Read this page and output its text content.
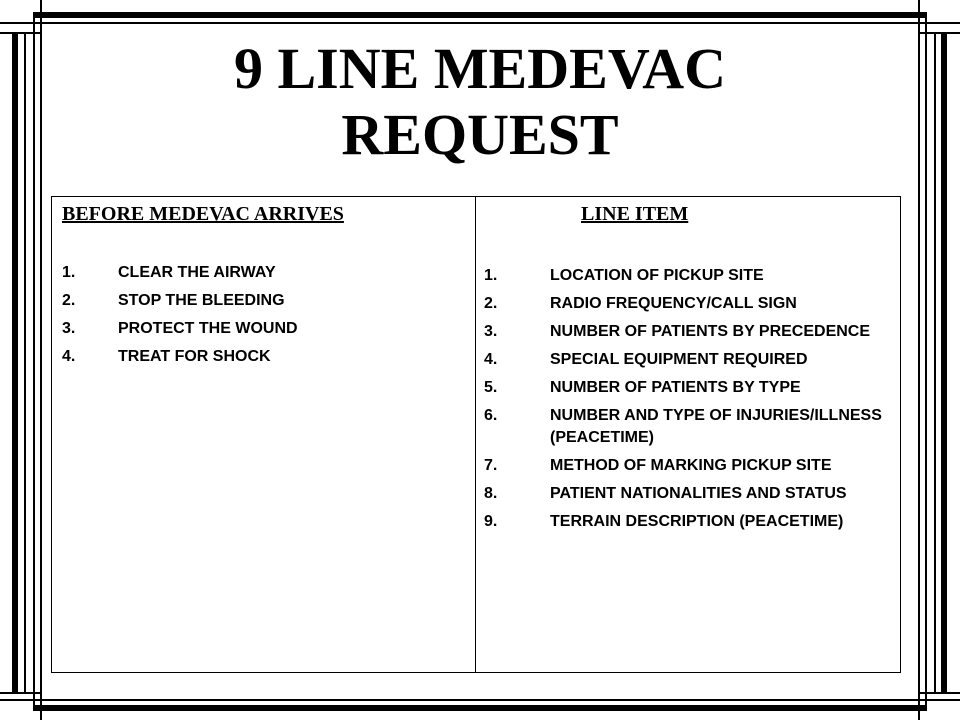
9 LINE MEDEVAC
REQUEST

BEFORE MEDEVAC ARRIVES

1.	CLEAR THE AIRWAY
2.	STOP THE BLEEDING
3.	PROTECT THE WOUND
4.	TREAT FOR SHOCK

LINE ITEM

1.	LOCATION OF PICKUP SITE
2.	RADIO FREQUENCY/CALL SIGN
3.	NUMBER OF PATIENTS BY PRECEDENCE
4.	SPECIAL EQUIPMENT REQUIRED
5.	NUMBER OF PATIENTS BY TYPE
6.	NUMBER AND TYPE OF INJURIES/ILLNESS (PEACETIME)
7.	METHOD OF MARKING PICKUP SITE
8.	PATIENT NATIONALITIES AND STATUS
9.	TERRAIN DESCRIPTION (PEACETIME)
